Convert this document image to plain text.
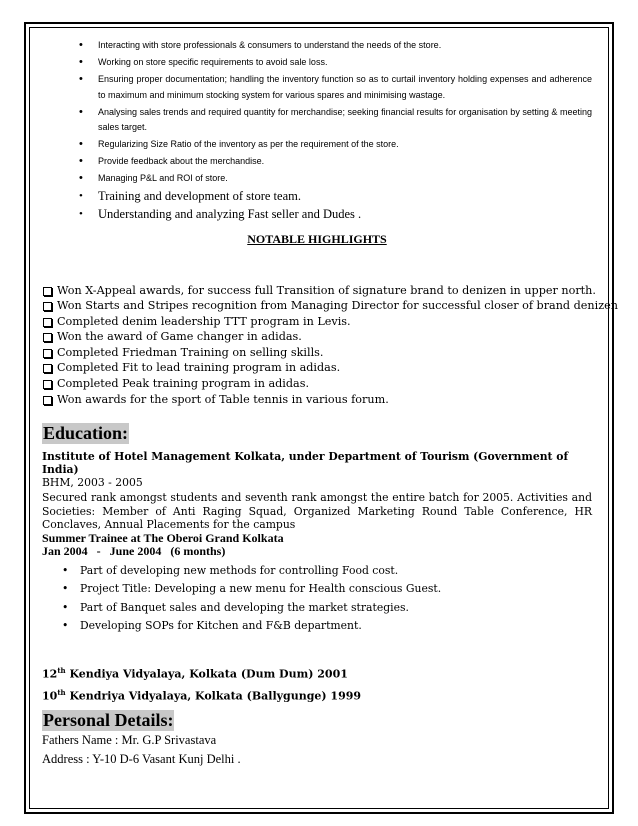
• Interacting with store professionals & consumers to understand the needs of the store.
• Working on store specific requirements to avoid sale loss.
• Ensuring proper documentation; handling the inventory function so as to curtail inventory holding expenses and adherence to maximum and minimum stocking system for various spares and minimising wastage.
• Analysing sales trends and required quantity for merchandise; seeking financial results for organisation by setting & meeting sales target.
• Regularizing Size Ratio of the inventory as per the requirement of the store.
• Provide feedback about the merchandise.
• Managing P&L and ROI of store.
• Training and development of store team.
• Understanding and analyzing Fast seller and Dudes .
NOTABLE HIGHLIGHTS
Won X-Appeal awards, for success full Transition of signature brand to denizen in upper north.
Won Starts and Stripes recognition from Managing Director for successful closer of brand denizen
Completed denim leadership TTT program in Levis.
Won the award of Game changer in adidas.
Completed Friedman Training on selling skills.
Completed Fit to lead training program in adidas.
Completed Peak training program in adidas.
Won awards for the sport of Table tennis in various forum.
Education:
Institute of Hotel Management Kolkata, under Department of Tourism (Government of India)
BHM, 2003 - 2005
Secured rank amongst students and seventh rank amongst the entire batch for 2005. Activities and Societies: Member of Anti Raging Squad, Organized Marketing Round Table Conference, HR Conclaves, Annual Placements for the campus
Summer Trainee at The Oberoi Grand Kolkata
Jan 2004   -   June 2004   (6 months)
• Part of developing new methods for controlling Food cost.
• Project Title: Developing a new menu for Health conscious Guest.
• Part of Banquet sales and developing the market strategies.
• Developing SOPs for Kitchen and F&B department.
12th Kendiya Vidyalaya, Kolkata (Dum Dum) 2001
10th Kendriya Vidyalaya, Kolkata (Ballygunge) 1999
Personal Details:
Fathers Name : Mr. G.P Srivastava
Address : Y-10 D-6 Vasant Kunj Delhi .
